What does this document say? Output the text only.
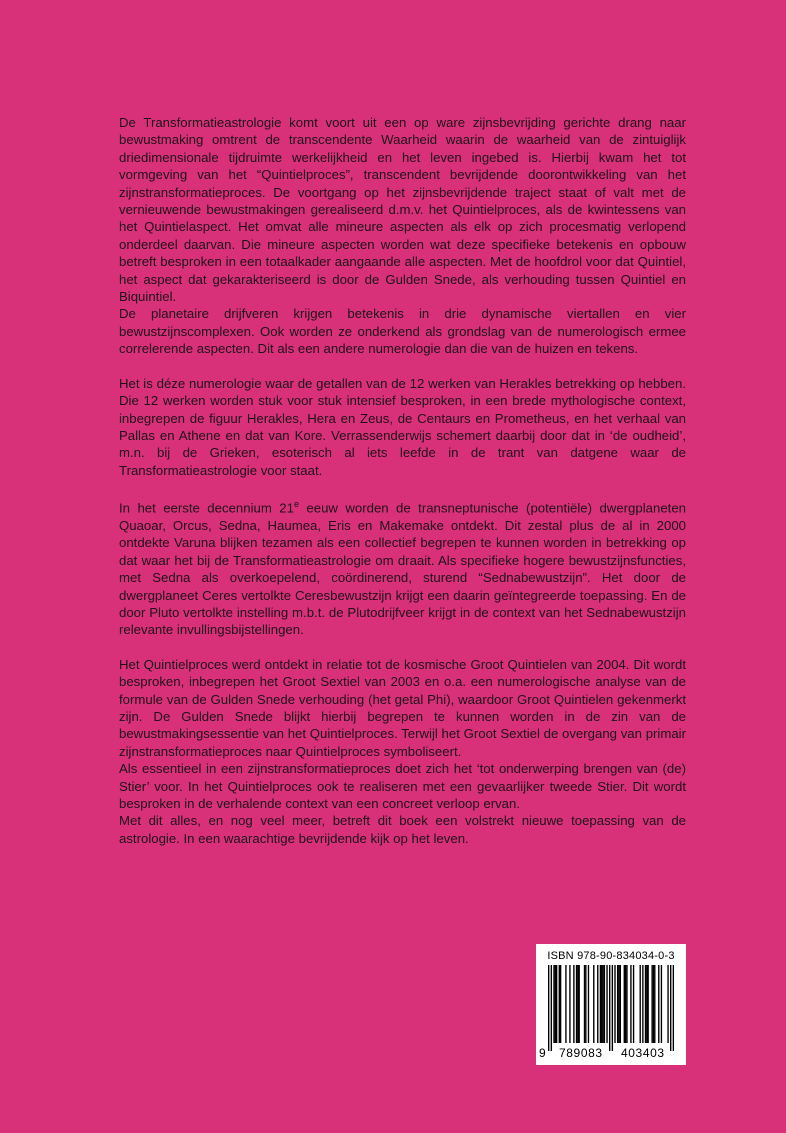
De Transformatieastrologie komt voort uit een op ware zijnsbevrijding gerichte drang naar bewustmaking omtrent de transcendente Waarheid waarin de waarheid van de zintuiglijk driedimensionale tijdruimte werkelijkheid en het leven ingebed is. Hierbij kwam het tot vormgeving van het “Quintielproces”, transcendent bevrijdende doorontwikkeling van het zijnstransformatieproces. De voortgang op het zijnsbevrijdende traject staat of valt met de vernieuwende bewustmakingen gerealiseerd d.m.v. het Quintielproces, als de kwintessens van het Quintielaspect. Het omvat alle mineure aspecten als elk op zich procesmatig verlopend onderdeel daarvan. Die mineure aspecten worden wat deze specifieke betekenis en opbouw betreft besproken in een totaalkader aangaande alle aspecten. Met de hoofdrol voor dat Quintiel, het aspect dat gekarakteriseerd is door de Gulden Snede, als verhouding tussen Quintiel en Biquintiel.

De planetaire drijfveren krijgen betekenis in drie dynamische viertallen en vier bewustzijnscomplexen. Ook worden ze onderkend als grondslag van de numerologisch ermee correlerende aspecten. Dit als een andere numerologie dan die van de huizen en tekens.

Het is déze numerologie waar de getallen van de 12 werken van Herakles betrekking op hebben. Die 12 werken worden stuk voor stuk intensief besproken, in een brede mythologische context, inbegrepen de figuur Herakles, Hera en Zeus, de Centaurs en Prometheus, en het verhaal van Pallas en Athene en dat van Kore. Verrassenderwijs schemert daarbij door dat in ‘de oudheid’, m.n. bij de Grieken, esoterisch al iets leefde in de trant van datgene waar de Transformatieastrologie voor staat.

In het eerste decennium 21e eeuw worden de transneptunische (potentiële) dwergplaneten Quaoar, Orcus, Sedna, Haumea, Eris en Makemake ontdekt. Dit zestal plus de al in 2000 ontdekte Varuna blijken tezamen als een collectief begrepen te kunnen worden in betrekking op dat waar het bij de Transformatieastrologie om draait. Als specifieke hogere bewustzijnsfuncties, met Sedna als overkoepelend, coördinerend, sturend “Sednabewustzijn”. Het door de dwergplaneet Ceres vertolkte Ceresbewustzijn krijgt een daarin geïntegreerde toepassing. En de door Pluto vertolkte instelling m.b.t. de Plutodrijfveer krijgt in de context van het Sednabewustzijn relevante invullingsbijstellingen.

Het Quintielproces werd ontdekt in relatie tot de kosmische Groot Quintielen van 2004. Dit wordt besproken, inbegrepen het Groot Sextiel van 2003 en o.a. een numerologische analyse van de formule van de Gulden Snede verhouding (het getal Phi), waardoor Groot Quintielen gekenmerkt zijn. De Gulden Snede blijkt hierbij begrepen te kunnen worden in de zin van de bewustmakingsessentie van het Quintielproces. Terwijl het Groot Sextiel de overgang van primair zijnstransformatieproces naar Quintielproces symboliseert.

Als essentieel in een zijnstransformatieproces doet zich het ‘tot onderwerping brengen van (de) Stier’ voor. In het Quintielproces ook te realiseren met een gevaarlijker tweede Stier. Dit wordt besproken in de verhalende context van een concreet verloop ervan.

Met dit alles, en nog veel meer, betreft dit boek een volstrekt nieuwe toepassing van de astrologie. In een waarachtige bevrijdende kijk op het leven.

ISBN 978-90-834034-0-3
9 789083 403403
